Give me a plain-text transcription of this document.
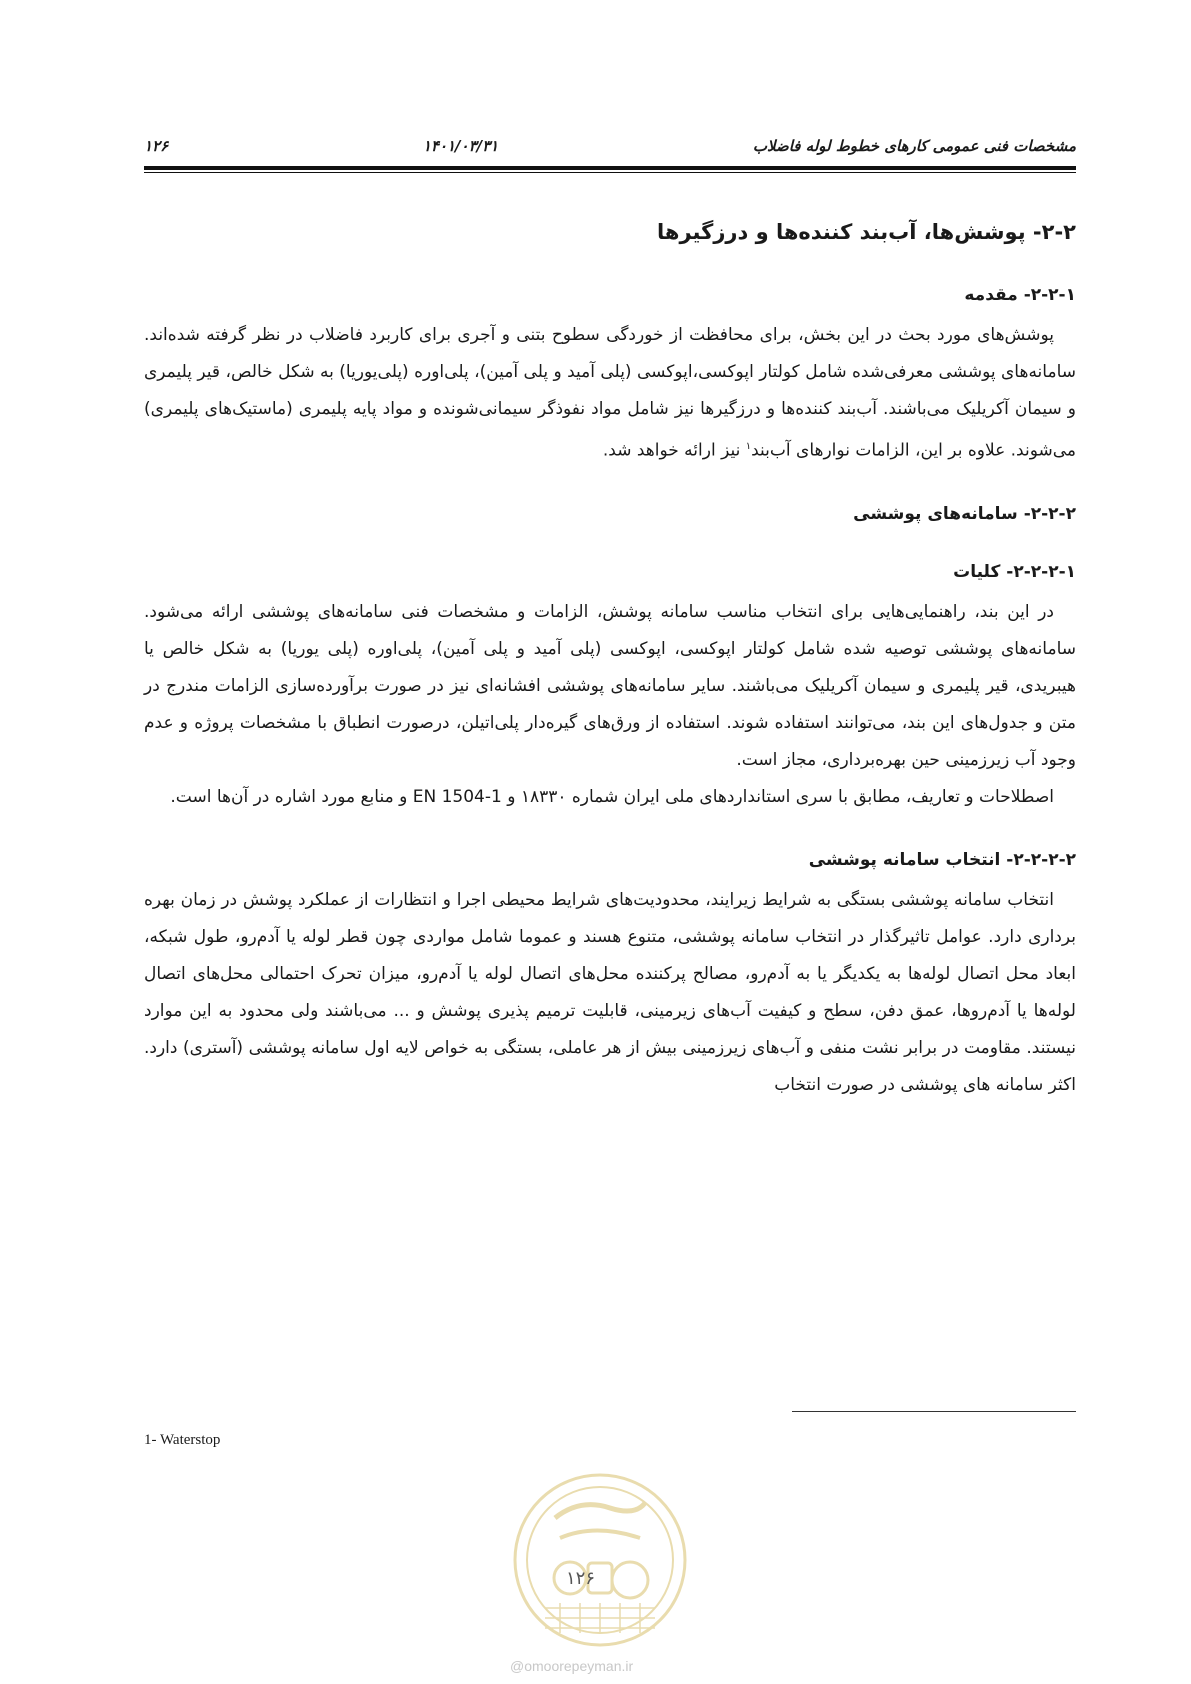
۱۲۶	۱۴۰۱/۰۳/۳۱	مشخصات فنی عمومی کارهای خطوط لوله فاضلاب
۲-۲- پوشش‌ها، آب‌بند کننده‌ها و درزگیرها
۲-۲-۱- مقدمه

پوشش‌های مورد بحث در این بخش، برای محافظت از خوردگی سطوح بتنی و آجری برای کاربرد فاضلاب در نظر گرفته شده‌اند. سامانه‌های پوششی معرفی‌شده شامل کولتار اپوکسی،اپوکسی (پلی آمید و پلی آمین)، پلی‌اوره (پلی‌یوریا) به شکل خالص، قیر پلیمری و سیمان آکریلیک می‌باشند. آب‌بند کننده‌ها و درزگیرها نیز شامل مواد نفوذگر سیمانی‌شونده و مواد پایه پلیمری (ماستیک‌های پلیمری) می‌شوند. علاوه بر این، الزامات نوارهای آب‌بند$^۱$ نیز ارائه خواهد شد.

۲-۲-۲- سامانه‌های پوششی
۲-۲-۲-۱- کلیات

در این بند، راهنمایی‌هایی برای انتخاب مناسب سامانه پوشش، الزامات و مشخصات فنی سامانه‌های پوششی ارائه می‌شود. سامانه‌های پوششی توصیه شده شامل کولتار اپوکسی، اپوکسی (پلی آمید و پلی آمین)، پلی‌اوره (پلی یوریا) به شکل خالص یا هیبریدی، قیر پلیمری و سیمان آکریلیک می‌باشند. سایر سامانه‌های پوششی افشانه‌ای نیز در صورت برآورده‌سازی الزامات مندرج در متن و جدول‌های این بند، می‌توانند استفاده شوند. استفاده از ورق‌های گیره‌دار پلی‌اتیلن، درصورت انطباق با مشخصات پروژه و عدم وجود آب زیرزمینی حین بهره‌برداری، مجاز است.

اصطلاحات و تعاریف، مطابق با سری استانداردهای ملی ایران شماره ۱۸۳۳۰ و EN 1504-1 و منابع مورد اشاره در آن‌ها است.

۲-۲-۲-۲- انتخاب سامانه پوششی

انتخاب سامانه پوششی بستگی به شرایط زیرایند، محدودیت‌های شرایط محیطی اجرا و انتظارات از عملکرد پوشش در زمان بهره برداری دارد. عوامل تاثیرگذار در انتخاب سامانه پوششی، متنوع هسند و عموما شامل مواردی چون قطر لوله یا آدم‌رو، طول شبکه، ابعاد محل اتصال لوله‌ها به یکدیگر یا به آدم‌رو، مصالح پرکننده محل‌های اتصال لوله یا آدم‌رو، میزان تحرک احتمالی محل‌های اتصال لوله‌ها یا آدم‌روها، عمق دفن، سطح و کیفیت آب‌های زیرمینی، قابلیت ترمیم پذیری پوشش و ... می‌باشند ولی محدود به این موارد نیستند. مقاومت در برابر نشت منفی و آب‌های زیرزمینی بیش از هر عاملی، بستگی به خواص لایه اول سامانه پوششی (آستری) دارد. اکثر سامانه های پوششی در صورت انتخاب

1- Waterstop
۱۲۶
@omoorepeyman.ir
